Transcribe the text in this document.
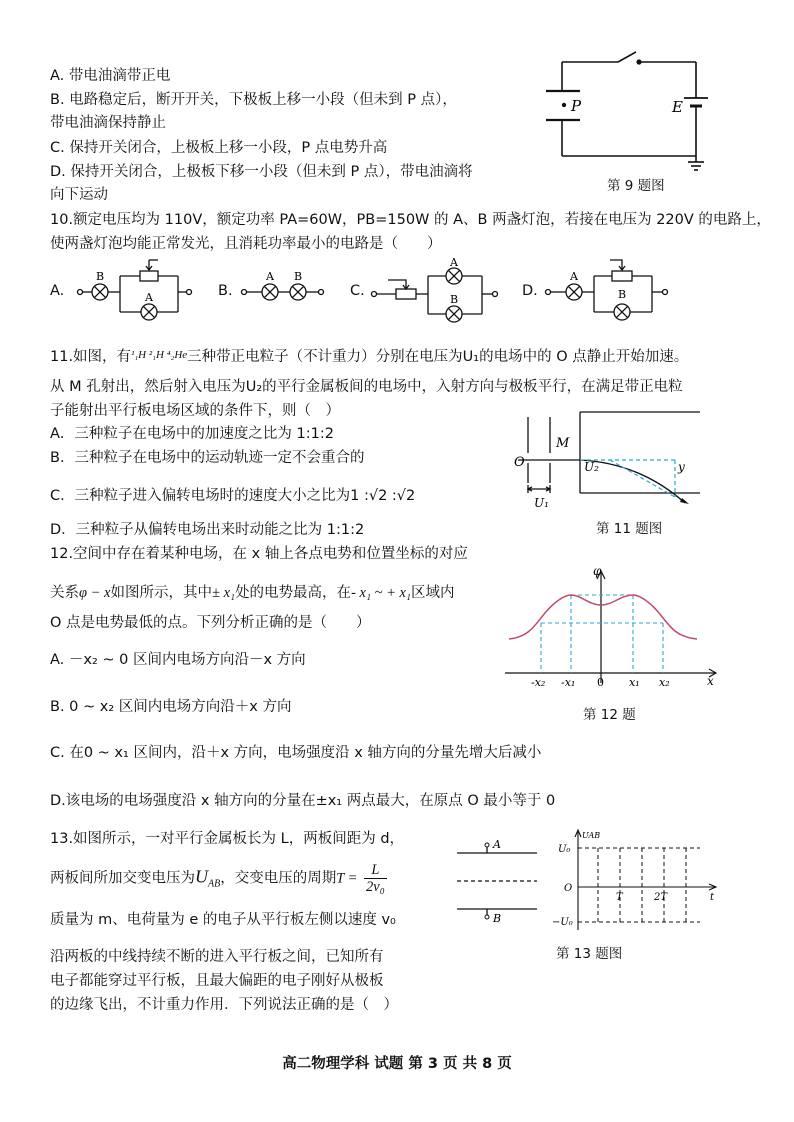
A. 带电油滴带正电
B. 电路稳定后，断开开关，下极板上移一小段（但未到 P 点），
带电油滴保持静止
C. 保持开关闭合，上极板上移一小段，P 点电势升高
D. 保持开关闭合，上极板下移一小段（但未到 P 点），带电油滴将
向下运动
P	E
第 9 题图
10.额定电压均为 110V，额定功率 PA=60W，PB=150W 的 A、B 两盏灯泡，若接在电压为 220V 的电路上，
使两盏灯泡均能正常发光，且消耗功率最小的电路是（　　）
A.
B
A	B.
A B
C.
A
B
D.
A
B
11.如图，有$^{^1_1H ^2_1H ^4_2He}$三种带正电粒子（不计重力）分别在电压为U₁的电场中的 O 点静止开始加速。
从 M 孔射出，然后射入电压为U₂的平行金属板间的电场中，入射方向与极板平行，在满足带正电粒
子能射出平行板电场区域的条件下，则（　）
A．三种粒子在电场中的加速度之比为 1:1:2
B．三种粒子在电场中的运动轨迹一定不会重合的
C．三种粒子进入偏转电场时的速度大小之比为1 :√2 :√2
D．三种粒子从偏转电场出来时动能之比为 1:1:2
O
M
U₂	y
U₁
第 11 题图
12.空间中存在着某种电场，在 x 轴上各点电势和位置坐标的对应
关系φ − x如图所示，其中± x₁处的电势最高，在- x₁ ~ + x₁区域内
O 点是电势最低的点。下列分析正确的是（　　）
A. －x₂ ~ 0 区间内电场方向沿－x 方向
B. 0 ~ x₂ 区间内电场方向沿＋x 方向
C. 在0 ~ x₁ 区间内，沿＋x 方向，电场强度沿 x 轴方向的分量先增大后减小
D.该电场的电场强度沿 x 轴方向的分量在±x₁ 两点最大，在原点 O 最小等于 0
φ
x
0
-x₂ -x₁	x₁ x₂
第 12 题
13.如图所示，一对平行金属板长为 L，两板间距为 d，
两板间所加交变电压为$U_{AB}$，交变电压的周期$T = \frac{L}{\text{2v₀}}$
质量为 m、电荷量为 e 的电子从平行板左侧以速度 v₀
沿两板的中线持续不断的进入平行板之间，已知所有
电子都能穿过平行板，且最大偏距的电子刚好从极板
的边缘飞出，不计重力作用．下列说法正确的是（　）
A
B
UAB
U₀
O
−U₀
T	2T	t
第 13 题图
高二物理学科 试题 第 3 页 共 8 页
